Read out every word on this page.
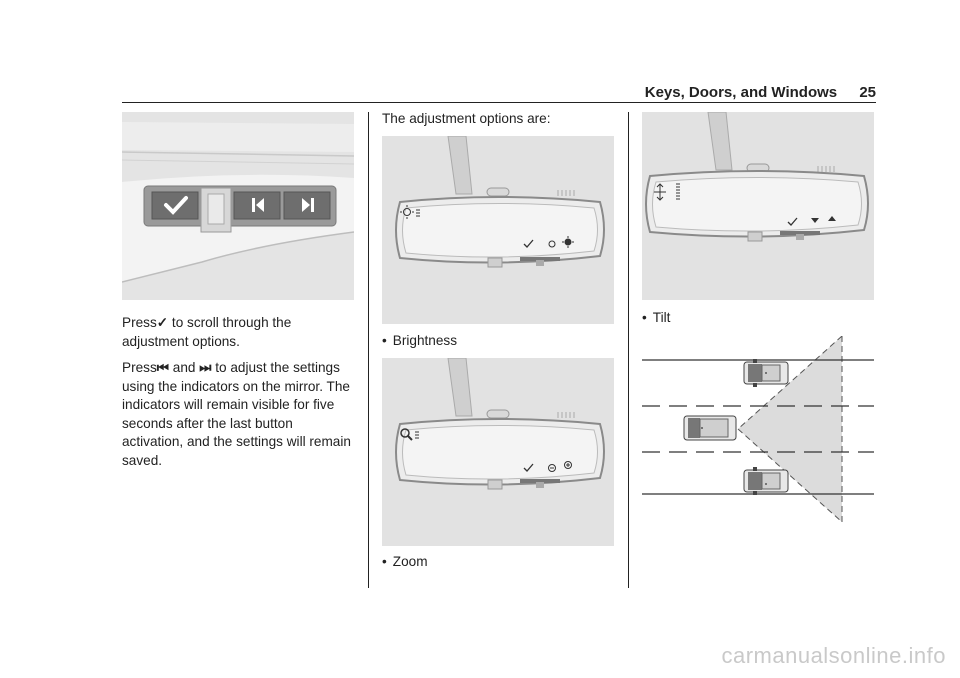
Keys, Doors, and Windows 25

Press✓ to scroll through the adjustment options.

Press⏮ and ⏭ to adjust the settings using the indicators on the mirror. The indicators will remain visible for five seconds after the last button activation, and the settings will remain saved.

The adjustment options are:
• Brightness
• Zoom
• Tilt
carmanualsonline.info
